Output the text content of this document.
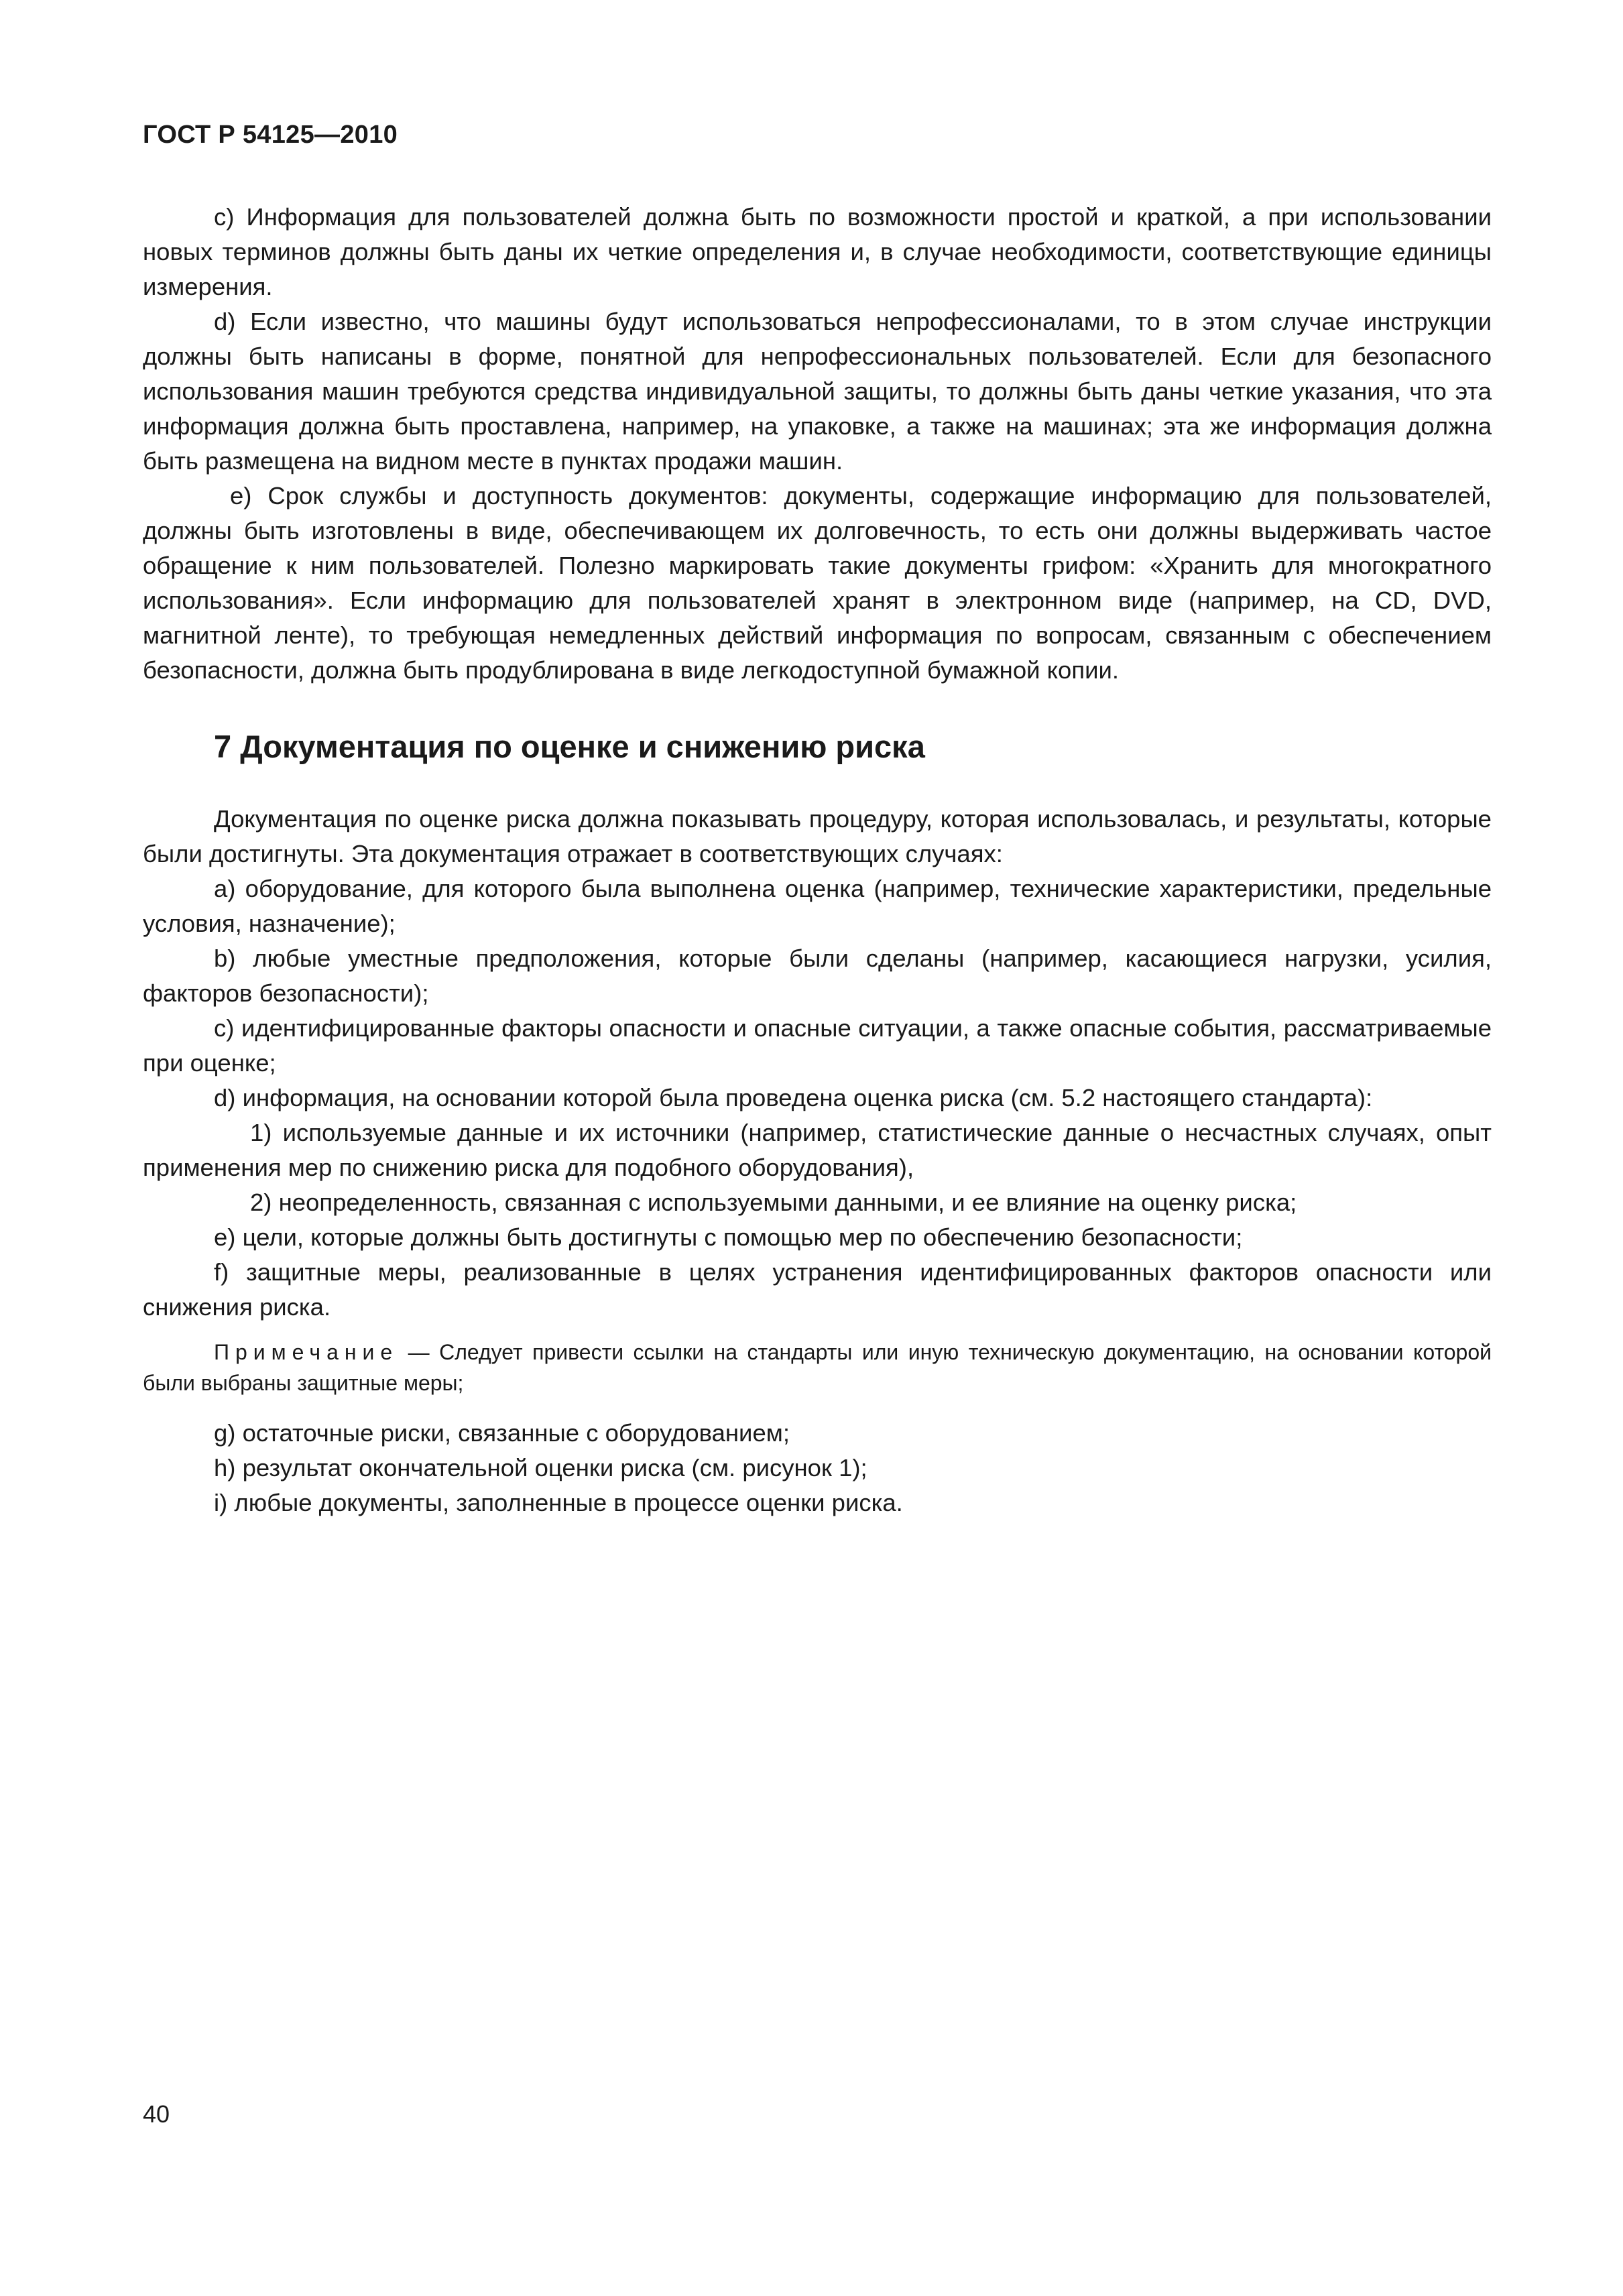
ГОСТ Р 54125—2010

c) Информация для пользователей должна быть по возможности простой и краткой, а при использовании новых терминов должны быть даны их четкие определения и, в случае необходимости, соответствующие единицы измерения.

d) Если известно, что машины будут использоваться непрофессионалами, то в этом случае инструкции должны быть написаны в форме, понятной для непрофессиональных пользователей. Если для безопасного использования машин требуются средства индивидуальной защиты, то должны быть даны четкие указания, что эта информация должна быть проставлена, например, на упаковке, а также на машинах; эта же информация должна быть размещена на видном месте в пунктах продажи машин.

е) Срок службы и доступность документов: документы, содержащие информацию для пользователей, должны быть изготовлены в виде, обеспечивающем их долговечность, то есть они должны выдерживать частое обращение к ним пользователей. Полезно маркировать такие документы грифом: «Хранить для многократного использования». Если информацию для пользователей хранят в электронном виде (например, на CD, DVD, магнитной ленте), то требующая немедленных действий информация по вопросам, связанным с обеспечением безопасности, должна быть продублирована в виде легкодоступной бумажной копии.

7 Документация по оценке и снижению риска

Документация по оценке риска должна показывать процедуру, которая использовалась, и результаты, которые были достигнуты. Эта документация отражает в соответствующих случаях:

а) оборудование, для которого была выполнена оценка (например, технические характеристики, предельные условия, назначение);

b) любые уместные предположения, которые были сделаны (например, касающиеся нагрузки, усилия, факторов безопасности);

c) идентифицированные факторы опасности и опасные ситуации, а также опасные события, рассматриваемые при оценке;

d) информация, на основании которой была проведена оценка риска (см. 5.2 настоящего стандарта):

1) используемые данные и их источники (например, статистические данные о несчастных случаях, опыт применения мер по снижению риска для подобного оборудования),

2) неопределенность, связанная с используемыми данными, и ее влияние на оценку риска;

е) цели, которые должны быть достигнуты с помощью мер по обеспечению безопасности;

f) защитные меры, реализованные в целях устранения идентифицированных факторов опасности или снижения риска.

Примечание — Следует привести ссылки на стандарты или иную техническую документацию, на основании которой были выбраны защитные меры;

g) остаточные риски, связанные с оборудованием;

h) результат окончательной оценки риска (см. рисунок 1);

i) любые документы, заполненные в процессе оценки риска.

40
